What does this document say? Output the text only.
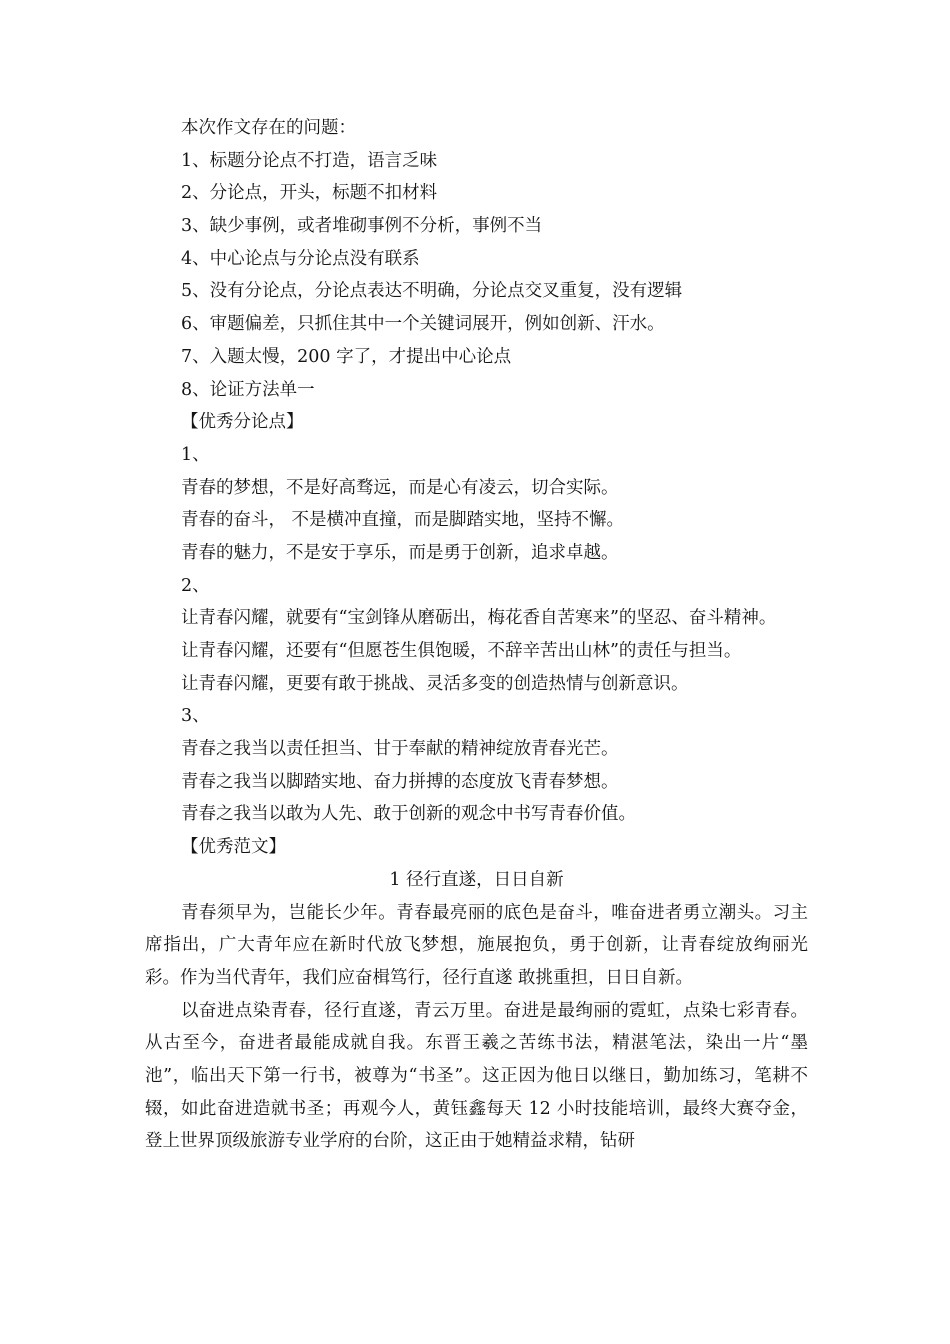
本次作文存在的问题：
1、标题分论点不打造，语言乏味
2、分论点，开头，标题不扣材料
3、缺少事例，或者堆砌事例不分析，事例不当
4、中心论点与分论点没有联系
5、没有分论点，分论点表达不明确，分论点交叉重复，没有逻辑
6、审题偏差，只抓住其中一个关键词展开，例如创新、汗水。
7、入题太慢，200 字了，才提出中心论点
8、论证方法单一
【优秀分论点】
1、
青春的梦想，不是好高骛远，而是心有凌云，切合实际。
青春的奋斗， 不是横冲直撞，而是脚踏实地，坚持不懈。
青春的魅力，不是安于享乐，而是勇于创新，追求卓越。
2、
让青春闪耀，就要有“宝剑锋从磨砺出，梅花香自苦寒来”的坚忍、奋斗精神。
让青春闪耀，还要有“但愿苍生俱饱暖，不辞辛苦出山林”的责任与担当。
让青春闪耀，更要有敢于挑战、灵活多变的创造热情与创新意识。
3、
青春之我当以责任担当、甘于奉献的精神绽放青春光芒。
青春之我当以脚踏实地、奋力拼搏的态度放飞青春梦想。
青春之我当以敢为人先、敢于创新的观念中书写青春价值。
【优秀范文】
1 径行直遂，日日自新
青春须早为，岂能长少年。青春最亮丽的底色是奋斗，唯奋进者勇立潮头。习主席指出，广大青年应在新时代放飞梦想，施展抱负，勇于创新，让青春绽放绚丽光彩。作为当代青年，我们应奋楫笃行，径行直遂 敢挑重担，日日自新。
以奋进点染青春，径行直遂，青云万里。奋进是最绚丽的霓虹，点染七彩青春。从古至今，奋进者最能成就自我。东晋王羲之苦练书法，精湛笔法，染出一片“墨池”，临出天下第一行书，被尊为“书圣”。这正因为他日以继日，勤加练习，笔耕不辍，如此奋进造就书圣；再观今人，黄钰鑫每天 12 小时技能培训，最终大赛夺金，登上世界顶级旅游专业学府的台阶，这正由于她精益求精，钻研
